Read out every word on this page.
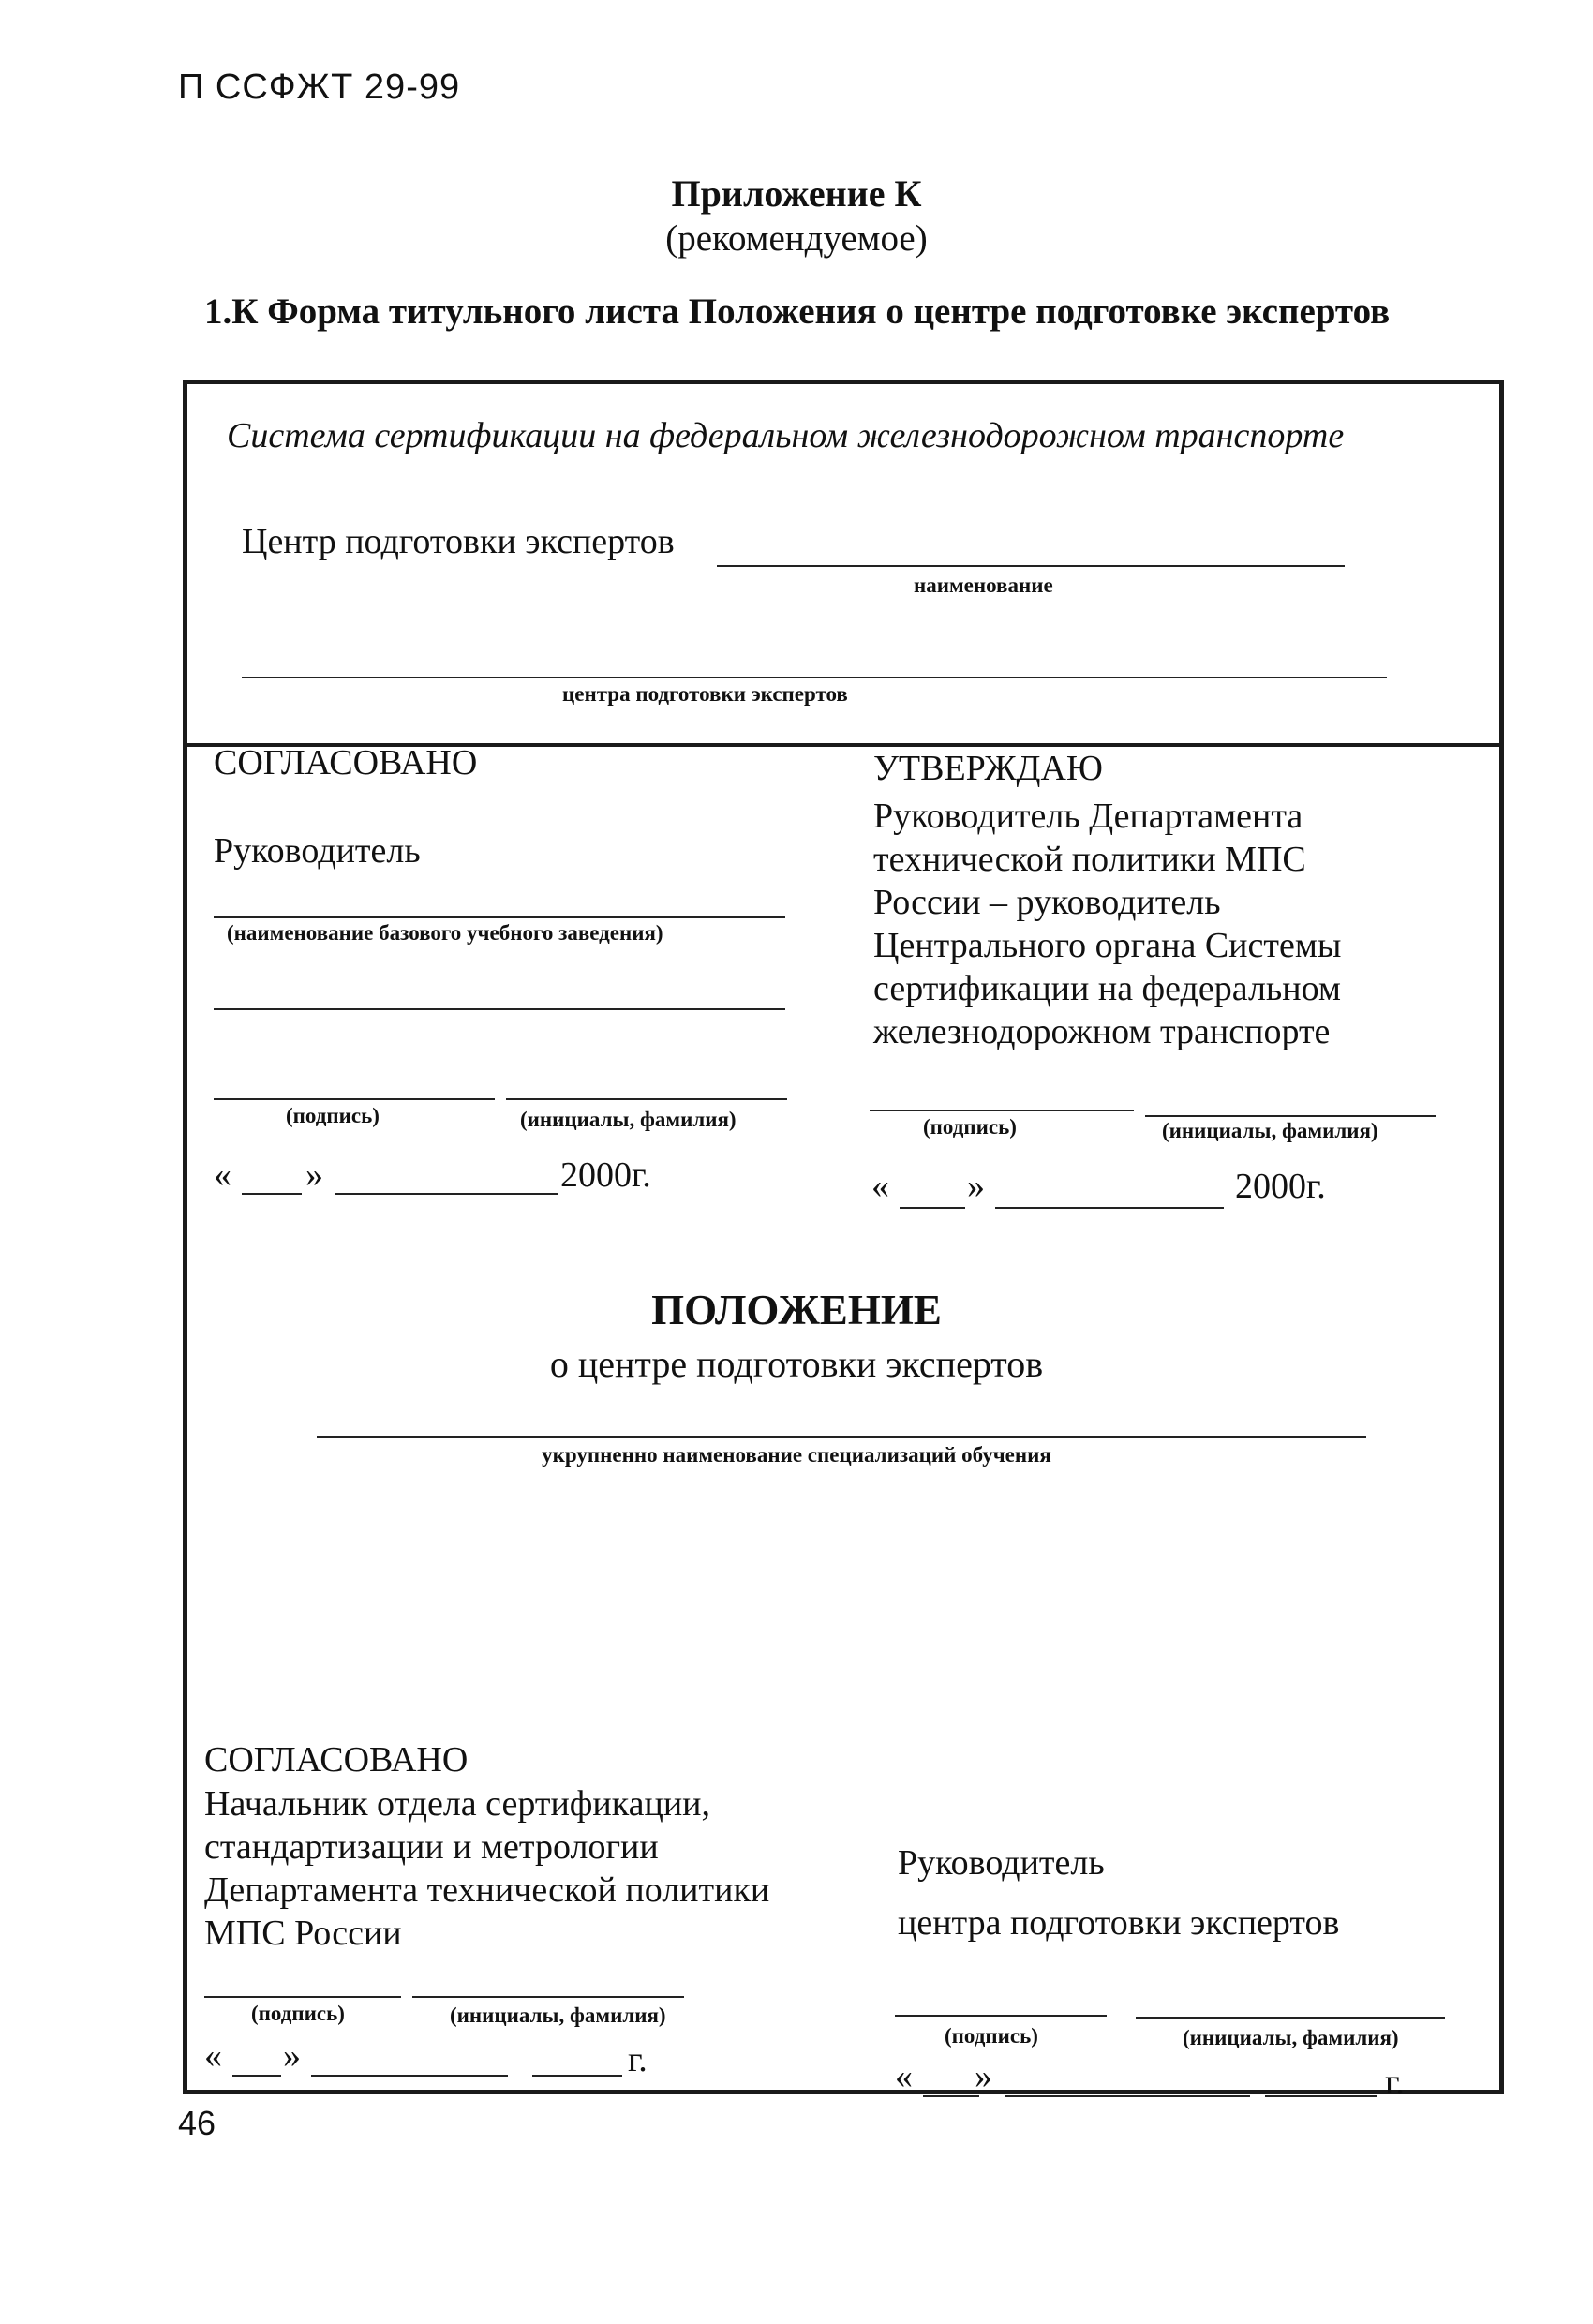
П ССФЖТ 29-99
Приложение К
(рекомендуемое)
1.К Форма титульного листа Положения о центре подготовке экспертов
Система сертификации на федеральном железнодорожном транспорте
Центр подготовки экспертов
наименование
центра подготовки экспертов
СОГЛАСОВАНО
Руководитель
(наименование базового учебного заведения)
(подпись)	(инициалы, фамилия)
« »	2000г.
УТВЕРЖДАЮ
Руководитель Департамента
технической политики МПС
России – руководитель
Центрального органа Системы
сертификации на федеральном
железнодорожном транспорте
(подпись)	(инициалы, фамилия)
« »	2000г.
ПОЛОЖЕНИЕ
о центре подготовки экспертов
укрупненно наименование специализаций обучения
СОГЛАСОВАНО
Начальник отдела сертификации,
стандартизации и метрологии
Департамента технической политики
МПС России
(подпись)	(инициалы, фамилия)
« »	г.
Руководитель
центра подготовки экспертов
(подпись)	(инициалы, фамилия)
« »	г.
46
